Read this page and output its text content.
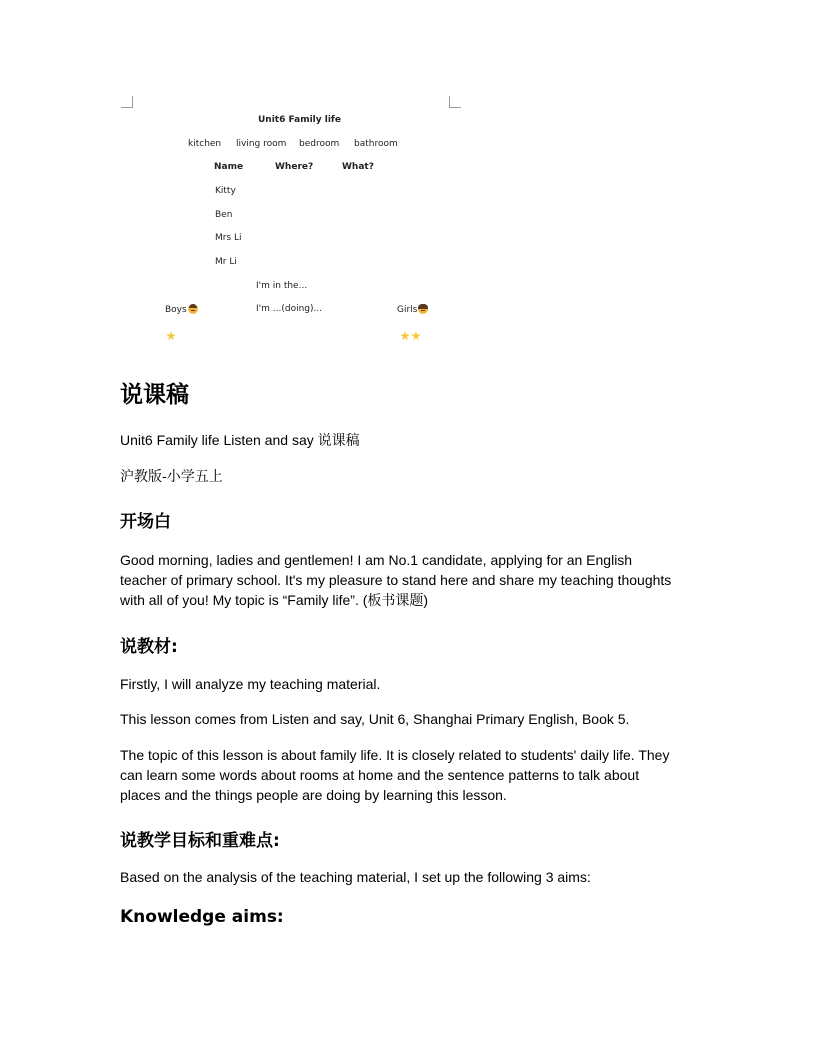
Unit6 Family life
kitchen living room bedroom bathroom
Name	Where?	What?
Kitty
Ben
Mrs Li
Mr Li
I'm in the...
I'm ...(doing)...
Boys	Girls
说课稿
Unit6 Family life Listen and say 说课稿
沪教版-小学五上
开场白
Good morning, ladies and gentlemen! I am No.1 candidate, applying for an English teacher of primary school. It's my pleasure to stand here and share my teaching thoughts with all of you! My topic is “Family life”. (板书课题)
说教材:
Firstly, I will analyze my teaching material.
This lesson comes from Listen and say, Unit 6, Shanghai Primary English, Book 5.
The topic of this lesson is about family life. It is closely related to students' daily life. They can learn some words about rooms at home and the sentence patterns to talk about places and the things people are doing by learning this lesson.
说教学目标和重难点:
Based on the analysis of the teaching material, I set up the following 3 aims:
Knowledge aims:
